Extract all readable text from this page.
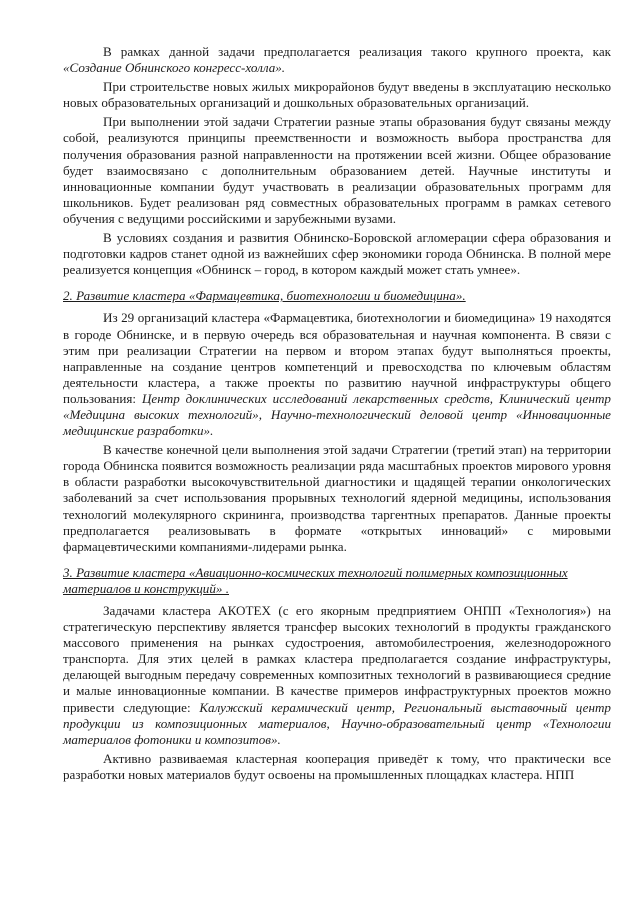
В рамках данной задачи предполагается реализация такого крупного проекта, как «Создание Обнинского конгресс-холла».

При строительстве новых жилых микрорайонов будут введены в эксплуатацию несколько новых образовательных организаций и дошкольных образовательных организаций.

При выполнении этой задачи Стратегии разные этапы образования будут связаны между собой, реализуются принципы преемственности и возможность выбора пространства для получения образования разной направленности на протяжении всей жизни. Общее образование будет взаимосвязано с дополнительным образованием детей. Научные институты и инновационные компании будут участвовать в реализации образовательных программ для школьников. Будет реализован ряд совместных образовательных программ в рамках сетевого обучения с ведущими российскими и зарубежными вузами.

В условиях создания и развития Обнинско-Боровской агломерации сфера образования и подготовки кадров станет одной из важнейших сфер экономики города Обнинска. В полной мере реализуется концепция «Обнинск – город, в котором каждый может стать умнее».

2. Развитие кластера «Фармацевтика, биотехнологии и биомедицина».

Из 29 организаций кластера «Фармацевтика, биотехнологии и биомедицина» 19 находятся в городе Обнинске, и в первую очередь вся образовательная и научная компонента. В связи с этим при реализации Стратегии на первом и втором этапах будут выполняться проекты, направленные на создание центров компетенций и превосходства по ключевым областям деятельности кластера, а также проекты по развитию научной инфраструктуры общего пользования: Центр доклинических исследований лекарственных средств, Клинический центр «Медицина высоких технологий», Научно-технологический деловой центр «Инновационные медицинские разработки».

В качестве конечной цели выполнения этой задачи Стратегии (третий этап) на территории города Обнинска появится возможность реализации ряда масштабных проектов мирового уровня в области разработки высокочувствительной диагностики и щадящей терапии онкологических заболеваний за счет использования прорывных технологий ядерной медицины, использования технологий молекулярного скрининга, производства таргентных препаратов. Данные проекты предполагается реализовывать в формате «открытых инноваций» с мировыми фармацевтическими компаниями-лидерами рынка.

3. Развитие кластера «Авиационно-космических технологий полимерных композиционных материалов и конструкций» .

Задачами кластера АКОТЕХ (с его якорным предприятием ОНПП «Технология») на стратегическую перспективу является трансфер высоких технологий в продукты гражданского массового применения на рынках судостроения, автомобилестроения, железнодорожного транспорта. Для этих целей в рамках кластера предполагается создание инфраструктуры, делающей выгодным передачу современных композитных технологий в развивающиеся средние и малые инновационные компании. В качестве примеров инфраструктурных проектов можно привести следующие: Калужский керамический центр, Региональный выставочный центр продукции из композиционных материалов, Научно-образовательный центр «Технологии материалов фотоники и композитов».

Активно развиваемая кластерная кооперация приведёт к тому, что практически все разработки новых материалов будут освоены на промышленных площадках кластера. НПП
